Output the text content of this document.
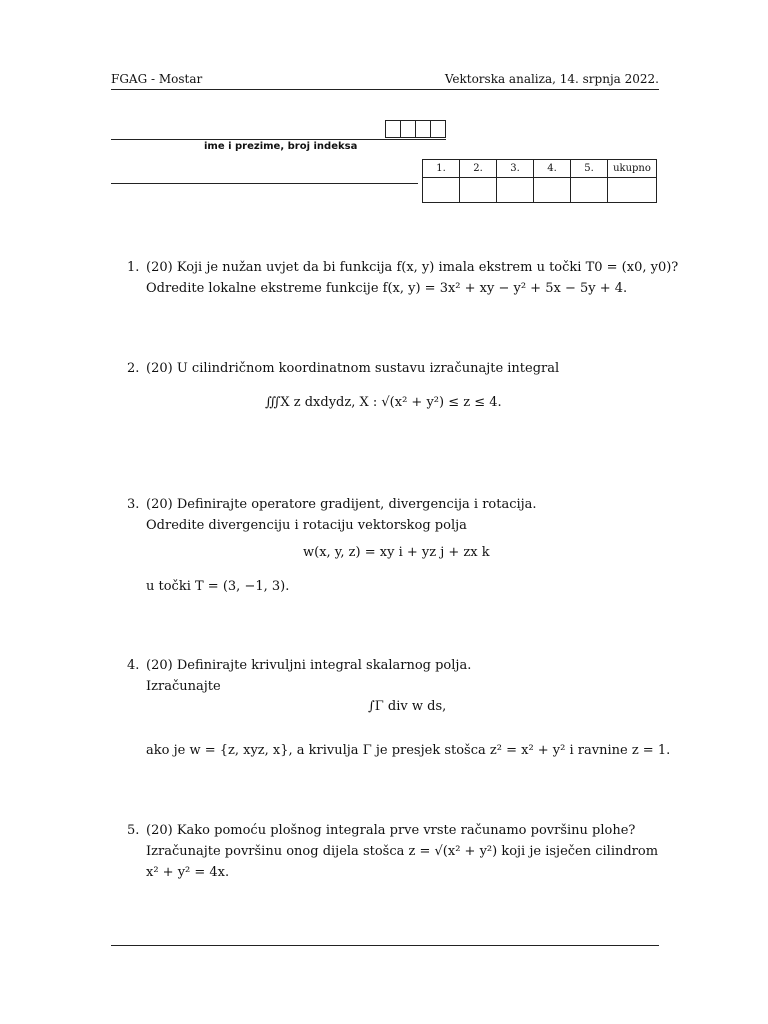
FGAG - Mostar	Vektorska analiza, 14. srpnja 2022.
ime i prezime, broj indeksa
1.	2.	3.	4.	5.	ukupno

1. (20) Koji je nužan uvjet da bi funkcija f(x, y) imala ekstrem u točki T0 = (x0, y0)?
Odredite lokalne ekstreme funkcije f(x, y) = 3x² + xy − y² + 5x − 5y + 4.
2. (20) U cilindričnom koordinatnom sustavu izračunajte integral
∭X z dxdydz, X : √(x² + y²) ≤ z ≤ 4.
3. (20) Definirajte operatore gradijent, divergencija i rotacija.
Odredite divergenciju i rotaciju vektorskog polja
w(x, y, z) = xy i + yz j + zx k
u točki T = (3, −1, 3).
4. (20) Definirajte krivuljni integral skalarnog polja.
Izračunajte
∫Γ div w ds,
ako je w = {z, xyz, x}, a krivulja Γ je presjek stošca z² = x² + y² i ravnine z = 1.
5. (20) Kako pomoću plošnog integrala prve vrste računamo površinu plohe?
Izračunajte površinu onog dijela stošca z = √(x² + y²) koji je isječen cilindrom
x² + y² = 4x.
